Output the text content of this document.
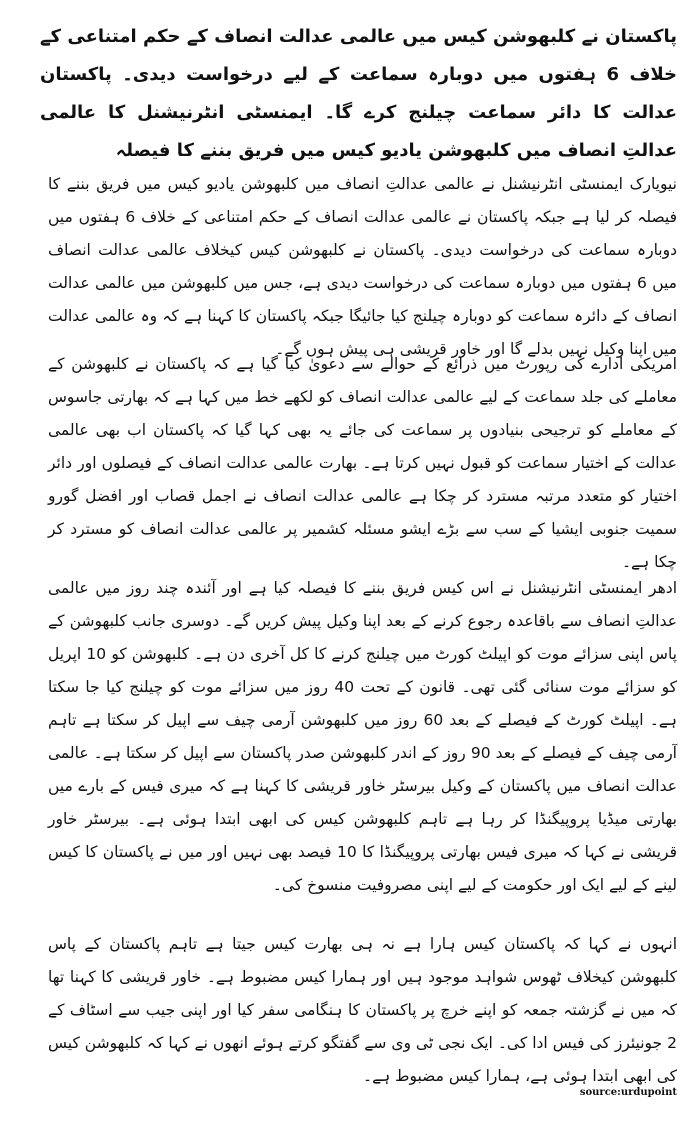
پاکستان نے کلبھوشن کیس میں عالمی عدالت انصاف کے حکم امتناعی کے خلاف 6 ہفتوں میں دوبارہ سماعت کے لیے درخواست دیدی۔ پاکستان عدالت کا دائر سماعت چیلنج کرے گا۔ ایمنسٹی انٹرنیشنل کا عالمی عدالتِ انصاف میں کلبھوشن یادیو کیس میں فریق بننے کا فیصلہ
نیویارک ایمنسٹی انٹرنیشنل نے عالمی عدالتِ انصاف میں کلبھوشن یادیو کیس میں فریق بننے کا فیصلہ کر لیا ہے جبکہ پاکستان نے عالمی عدالت انصاف کے حکم امتناعی کے خلاف 6 ہفتوں میں دوبارہ سماعت کی درخواست دیدی۔ پاکستان نے کلبھوشن کیس کیخلاف عالمی عدالت انصاف میں 6 ہفتوں میں دوبارہ سماعت کی درخواست دیدی ہے، جس میں کلبھوشن میں عالمی عدالت انصاف کے دائرہ سماعت کو دوبارہ چیلنج کیا جائیگا جبکہ پاکستان کا کہنا ہے کہ وہ عالمی عدالت میں اپنا وکیل نہیں بدلے گا اور خاور قریشی ہی پیش ہوں گے۔
امریکی ادارے کی رپورٹ میں ذرائع کے حوالے سے دعویٰ کیا گیا ہے کہ پاکستان نے کلبھوشن کے معاملے کی جلد سماعت کے لیے عالمی عدالت انصاف کو لکھے خط میں کہا ہے کہ بھارتی جاسوس کے معاملے کو ترجیحی بنیادوں پر سماعت کی جائے یہ بھی کہا گیا کہ پاکستان اب بھی عالمی عدالت کے اختیار سماعت کو قبول نہیں کرتا ہے۔ بھارت عالمی عدالت انصاف کے فیصلوں اور دائر اختیار کو متعدد مرتبہ مسترد کر چکا ہے عالمی عدالت انصاف نے اجمل قصاب اور افضل گورو سمیت جنوبی ایشیا کے سب سے بڑے ایشو مسئلہ کشمیر پر عالمی عدالت انصاف کو مسترد کر چکا ہے۔
ادھر ایمنسٹی انٹرنیشنل نے اس کیس فریق بننے کا فیصلہ کیا ہے اور آئندہ چند روز میں عالمی عدالتِ انصاف سے باقاعدہ رجوع کرنے کے بعد اپنا وکیل پیش کریں گے۔ دوسری جانب کلبھوشن کے پاس اپنی سزائے موت کو اپیلٹ کورٹ میں چیلنج کرنے کا کل آخری دن ہے۔ کلبھوشن کو 10 اپریل کو سزائے موت سنائی گئی تھی۔ قانون کے تحت 40 روز میں سزائے موت کو چیلنج کیا جا سکتا ہے۔ اپیلٹ کورٹ کے فیصلے کے بعد 60 روز میں کلبھوشن آرمی چیف سے اپیل کر سکتا ہے تاہم آرمی چیف کے فیصلے کے بعد 90 روز کے اندر کلبھوشن صدر پاکستان سے اپیل کر سکتا ہے۔ عالمی عدالت انصاف میں پاکستان کے وکیل بیرسٹر خاور قریشی کا کہنا ہے کہ میری فیس کے بارے میں بھارتی میڈیا پروپیگنڈا کر رہا ہے تاہم کلبھوشن کیس کی ابھی ابتدا ہوئی ہے۔ بیرسٹر خاور قریشی نے کہا کہ میری فیس بھارتی پروپیگنڈا کا 10 فیصد بھی نہیں اور میں نے پاکستان کا کیس لینے کے لیے ایک اور حکومت کے لیے اپنی مصروفیت منسوخ کی۔
انہوں نے کہا کہ پاکستان کیس ہارا ہے نہ ہی بھارت کیس جیتا ہے تاہم پاکستان کے پاس کلبھوشن کیخلاف ٹھوس شواہد موجود ہیں اور ہمارا کیس مضبوط ہے۔ خاور قریشی کا کہنا تھا کہ میں نے گزشتہ جمعہ کو اپنے خرچ پر پاکستان کا ہنگامی سفر کیا اور اپنی جیب سے اسٹاف کے 2 جونیئرز کی فیس ادا کی۔ ایک نجی ٹی وی سے گفتگو کرتے ہوئے انھوں نے کہا کہ کلبھوشن کیس کی ابھی ابتدا ہوئی ہے، ہمارا کیس مضبوط ہے۔
source:urdupoint
